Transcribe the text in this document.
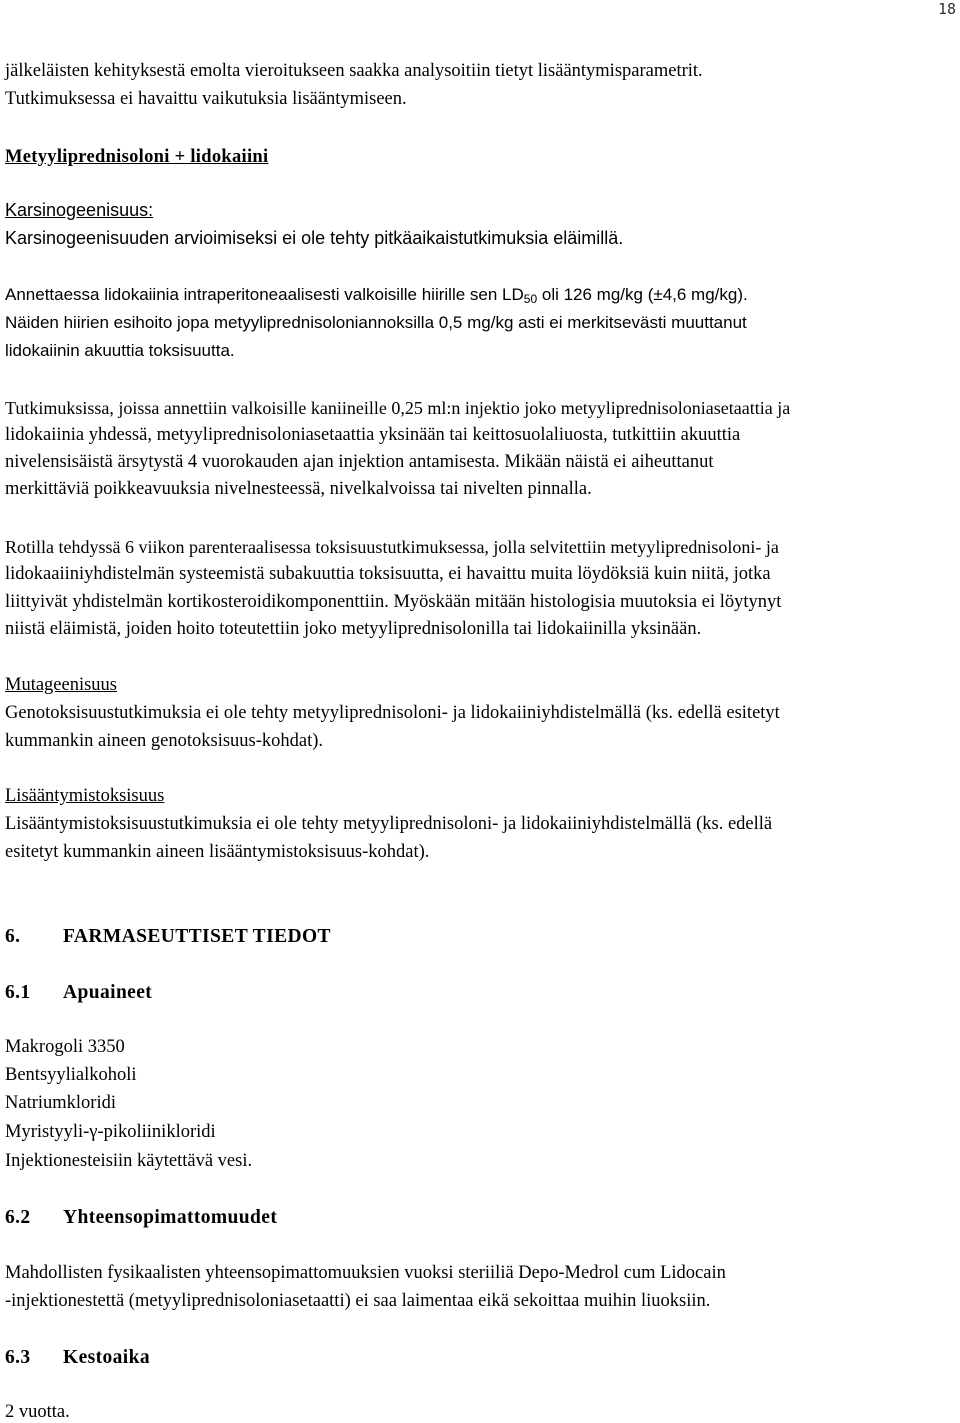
18
jälkeläisten kehityksestä emolta vieroitukseen saakka analysoitiin tietyt lisääntymisparametrit.
Tutkimuksessa ei havaittu vaikutuksia lisääntymiseen.
Metyyliprednisoloni + lidokaiini
Karsinogeenisuus:
Karsinogeenisuuden arvioimiseksi ei ole tehty pitkäaikaistutkimuksia eläimillä.
Annettaessa lidokaiinia intraperitoneaalisesti valkoisille hiirille sen $LD_{50}$ oli 126 mg/kg (±4,6 mg/kg).
Näiden hiirien esihoito jopa metyyliprednisoloniannoksilla 0,5 mg/kg asti ei merkitsevästi muuttanut
lidokaiinin akuuttia toksisuutta.
Tutkimuksissa, joissa annettiin valkoisille kaniineille 0,25 ml:n injektio joko metyyliprednisoloniasetaattia ja
lidokaiinia yhdessä, metyyliprednisoloniasetaattia yksinään tai keittosuolaliuosta, tutkittiin akuuttia
nivelensisäistä ärsytystä 4 vuorokauden ajan injektion antamisesta. Mikään näistä ei aiheuttanut
merkittäviä poikkeavuuksia nivelnesteessä, nivelkalvoissa tai nivelten pinnalla.
Rotilla tehdyssä 6 viikon parenteraalisessa toksisuustutkimuksessa, jolla selvitettiin metyyliprednisoloni- ja
lidokaaiiniyhdistelmän systeemistä subakuuttia toksisuutta, ei havaittu muita löydöksiä kuin niitä, jotka
liittyivät yhdistelmän kortikosteroidikomponenttiin. Myöskään mitään histologisia muutoksia ei löytynyt
niistä eläimistä, joiden hoito toteutettiin joko metyyliprednisolonilla tai lidokaiinilla yksinään.
Mutageenisuus
Genotoksisuustutkimuksia ei ole tehty metyyliprednisoloni- ja lidokaiiniyhdistelmällä (ks. edellä esitetyt
kummankin aineen genotoksisuus-kohdat).
Lisääntymistoksisuus
Lisääntymistoksisuustutkimuksia ei ole tehty metyyliprednisoloni- ja lidokaiiniyhdistelmällä (ks. edellä
esitetyt kummankin aineen lisääntymistoksisuus-kohdat).
6. FARMASEUTTISET TIEDOT
6.1 Apuaineet
Makrogoli 3350
Bentsyylialkoholi
Natriumkloridi
Myristyyli-γ-pikoliinikloridi
Injektionesteisiin käytettävä vesi.
6.2 Yhteensopimattomuudet
Mahdollisten fysikaalisten yhteensopimattomuuksien vuoksi steriiliä Depo-Medrol cum Lidocain
-injektionestettä (metyyliprednisoloniasetaatti) ei saa laimentaa eikä sekoittaa muihin liuoksiin.
6.3 Kestoaika
2 vuotta.
